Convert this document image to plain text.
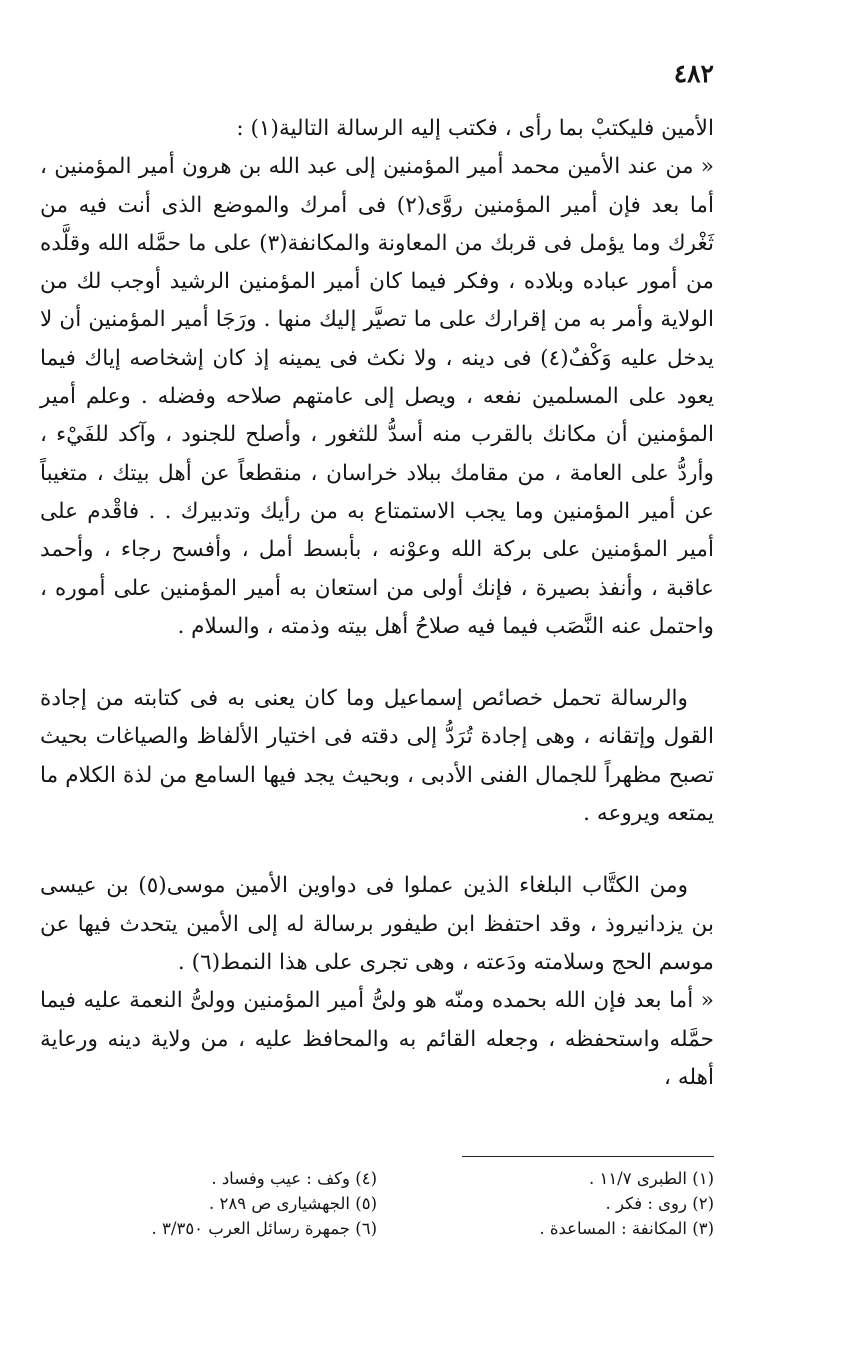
٤٨٢

الأمين فليكتبْ بما رأى ، فكتب إليه الرسالة التالية(١) :

« من عند الأمين محمد أمير المؤمنين إلى عبد الله بن هرون أمير المؤمنين ، أما بعد فإن أمير المؤمنين روَّى(٢) فى أمرك والموضع الذى أنت فيه من ثَغْرك وما يؤمل فى قربك من المعاونة والمكانفة(٣) على ما حمَّله الله وقلَّده من أمور عباده وبلاده ، وفكر فيما كان أمير المؤمنين الرشيد أوجب لك من الولاية وأمر به من إقرارك على ما تصيَّر إليك منها . ورَجَا أمير المؤمنين أن لا يدخل عليه وَكْفٌ(٤) فى دينه ، ولا نكث فى يمينه إذ كان إشخاصه إياك فيما يعود على المسلمين نفعه ، ويصل إلى عامتهم صلاحه وفضله . وعلم أمير المؤمنين أن مكانك بالقرب منه أسدُّ للثغور ، وأصلح للجنود ، وآكد للفَيْء ، وأردُّ على العامة ، من مقامك ببلاد خراسان ، منقطعاً عن أهل بيتك ، متغيباً عن أمير المؤمنين وما يجب الاستمتاع به من رأيك وتدبيرك . . فاقْدم على أمير المؤمنين على بركة الله وعوْنه ، بأبسط أمل ، وأفسح رجاء ، وأحمد عاقبة ، وأنفذ بصيرة ، فإنك أولى من استعان به أمير المؤمنين على أموره ، واحتمل عنه النَّصَب فيما فيه صلاحُ أهل بيته وذمته ، والسلام .

والرسالة تحمل خصائص إسماعيل وما كان يعنى به فى كتابته من إجادة القول وإتقانه ، وهى إجادة تُرَدُّ إلى دقته فى اختيار الألفاظ والصياغات بحيث تصبح مظهراً للجمال الفنى الأدبى ، وبحيث يجد فيها السامع من لذة الكلام ما يمتعه ويروعه .

ومن الكتَّاب البلغاء الذين عملوا فى دواوين الأمين موسى(٥) بن عيسى بن يزدانيروذ ، وقد احتفظ ابن طيفور برسالة له إلى الأمين يتحدث فيها عن موسم الحج وسلامته ودَعته ، وهى تجرى على هذا النمط(٦) .

« أما بعد فإن الله بحمده ومنّه هو ولىُّ أمير المؤمنين وولىُّ النعمة عليه فيما حمَّله واستحفظه ، وجعله القائم به والمحافظ عليه ، من ولاية دينه ورعاية أهله ،

(١) الطبرى ١١/٧ .
(٢) روى : فكر .
(٣) المكانفة : المساعدة .
(٤) وكف : عيب وفساد .
(٥) الجهشيارى ص ٢٨٩ .
(٦) جمهرة رسائل العرب ٣/٣٥٠ .
